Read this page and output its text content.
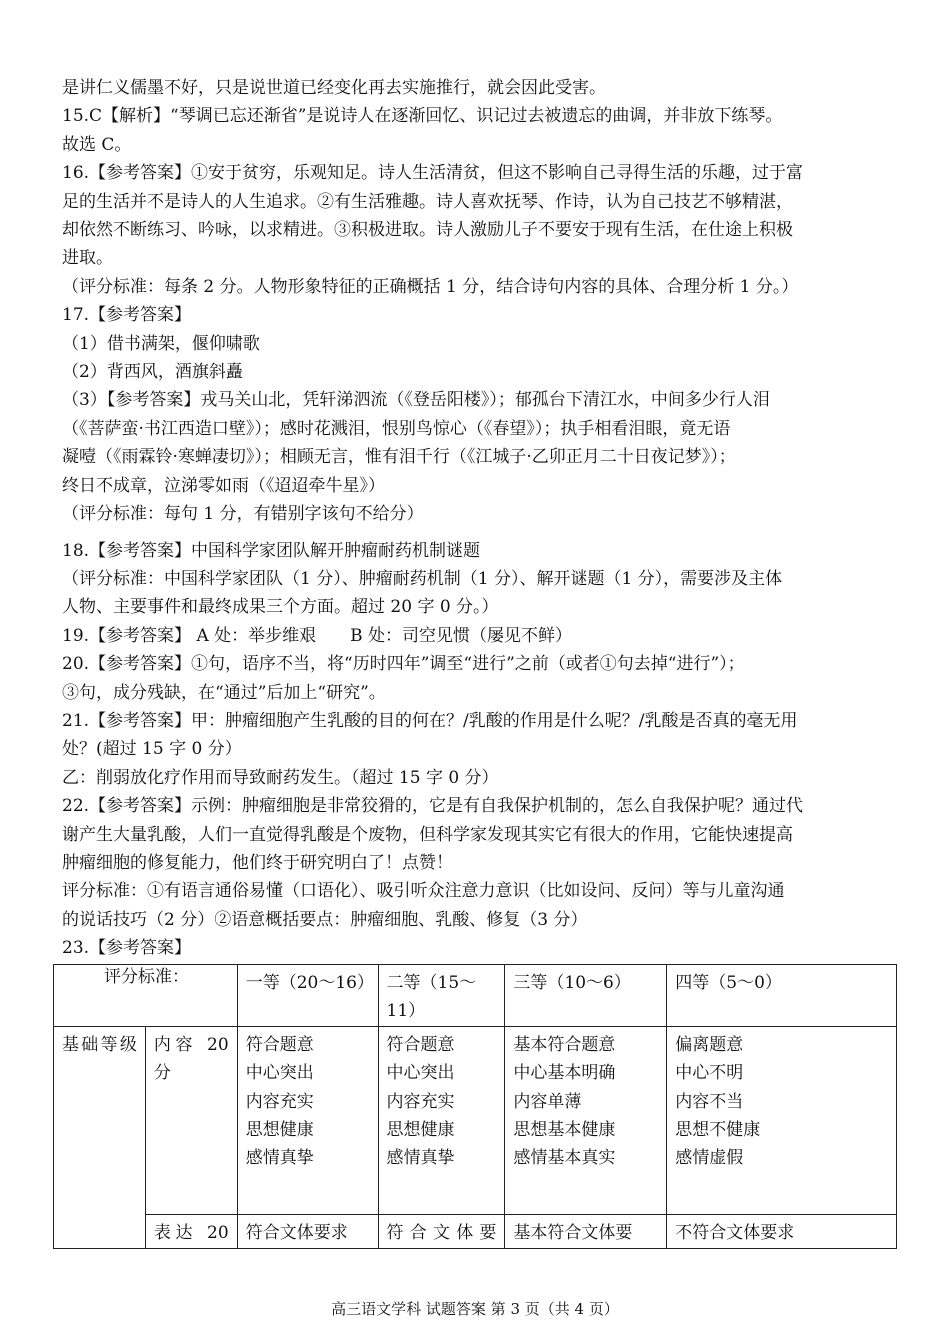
是讲仁义儒墨不好，只是说世道已经变化再去实施推行，就会因此受害。
15.C【解析】“琴调已忘还渐省”是说诗人在逐渐回忆、识记过去被遗忘的曲调，并非放下练琴。
故选 C。
16.【参考答案】①安于贫穷，乐观知足。诗人生活清贫，但这不影响自己寻得生活的乐趣，过于富
足的生活并不是诗人的人生追求。②有生活雅趣。诗人喜欢抚琴、作诗，认为自己技艺不够精湛，
却依然不断练习、吟咏，以求精进。③积极进取。诗人激励儿子不要安于现有生活，在仕途上积极
进取。
（评分标准：每条 2 分。人物形象特征的正确概括 1 分，结合诗句内容的具体、合理分析 1 分。）
17.【参考答案】
（1）借书满架，偃仰啸歌
（2）背西风，酒旗斜矗
（3）【参考答案】戎马关山北，凭轩涕泗流（《登岳阳楼》）；郁孤台下清江水，中间多少行人泪
（《菩萨蛮·书江西造口壁》）；感时花溅泪，恨别鸟惊心（《春望》）；执手相看泪眼，竟无语
凝噎（《雨霖铃·寒蝉凄切》）；相顾无言，惟有泪千行（《江城子·乙卯正月二十日夜记梦》）；
终日不成章，泣涕零如雨（《迢迢牵牛星》）
（评分标准：每句 1 分，有错别字该句不给分）
18.【参考答案】中国科学家团队解开肿瘤耐药机制谜题
（评分标准：中国科学家团队（1 分）、肿瘤耐药机制（1 分）、解开谜题（1 分），需要涉及主体
人物、主要事件和最终成果三个方面。超过 20 字 0 分。）
19.【参考答案】 A 处：举步维艰　　B 处：司空见惯（屡见不鲜）
20.【参考答案】①句，语序不当，将“历时四年”调至“进行”之前（或者①句去掉“进行”）；
③句，成分残缺，在“通过”后加上“研究”。
21.【参考答案】甲：肿瘤细胞产生乳酸的目的何在？/乳酸的作用是什么呢？/乳酸是否真的毫无用
处？(超过 15 字 0 分）
乙：削弱放化疗作用而导致耐药发生。（超过 15 字 0 分）
22.【参考答案】示例：肿瘤细胞是非常狡猾的，它是有自我保护机制的，怎么自我保护呢？通过代
谢产生大量乳酸，人们一直觉得乳酸是个废物，但科学家发现其实它有很大的作用，它能快速提高
肿瘤细胞的修复能力，他们终于研究明白了！点赞！
评分标准：①有语言通俗易懂（口语化）、吸引听众注意力意识（比如设问、反问）等与儿童沟通
的说话技巧（2 分）②语意概括要点：肿瘤细胞、乳酸、修复（3 分）
23.【参考答案】
评分标准：
		一等（20～16）	二等（15～11）	三等（10～6）	四等（5～0）
基础等级	内容 20 分	符合题意
中心突出
内容充实
思想健康
感情真挚	符合题意
中心突出
内容充实
思想健康
感情真挚	基本符合题意
中心基本明确
内容单薄
思想基本健康
感情基本真实	偏离题意
中心不明
内容不当
思想不健康
感情虚假

	表达 20	符合文体要求	符合文体要	基本符合文体要	不符合文体要求
高三语文学科 试题答案 第 3 页（共 4 页）
